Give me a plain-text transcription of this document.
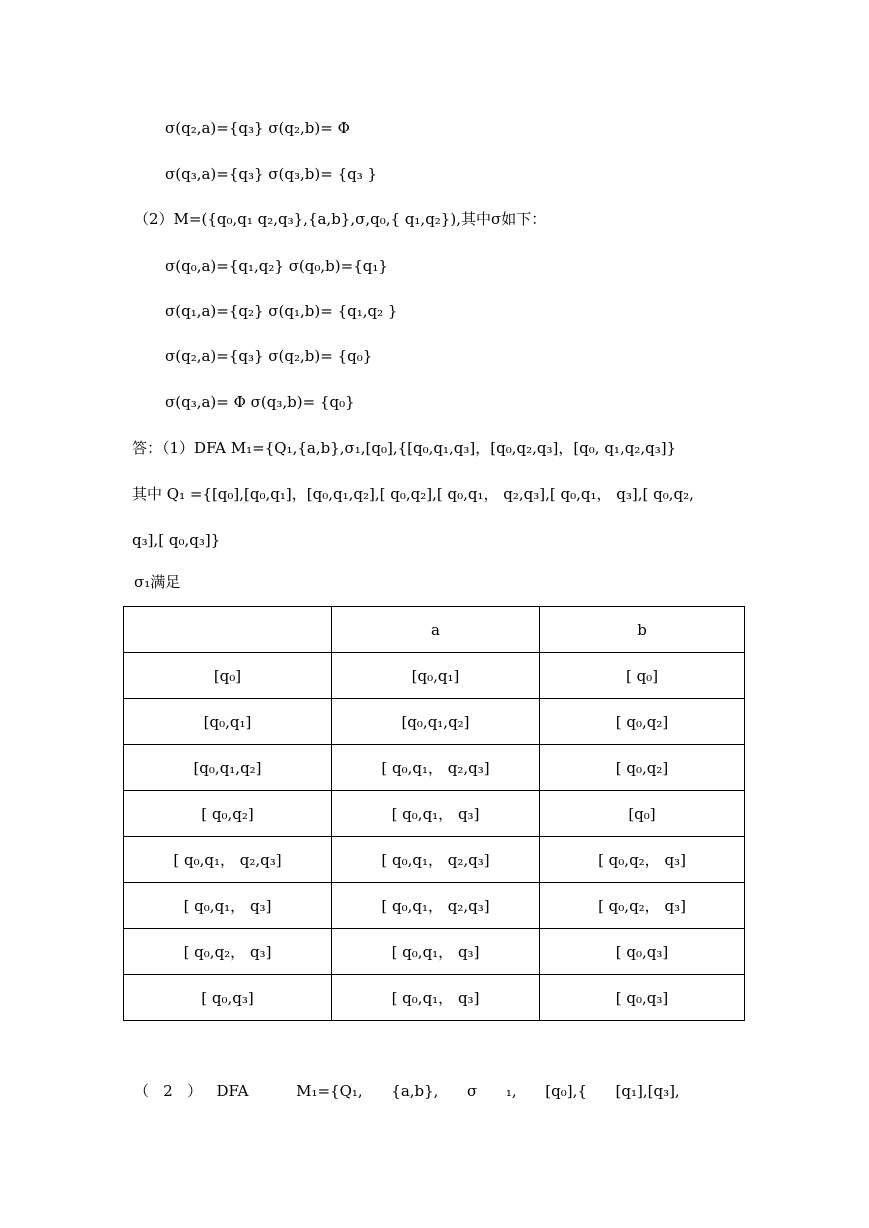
σ(q₂,a)={q₃} σ(q₂,b)= Φ
σ(q₃,a)={q₃} σ(q₃,b)= {q₃ }
（2）M=({q₀,q₁ q₂,q₃},{a,b},σ,q₀,{ q₁,q₂}),其中σ如下：
σ(q₀,a)={q₁,q₂} σ(q₀,b)={q₁}
σ(q₁,a)={q₂} σ(q₁,b)= {q₁,q₂ }
σ(q₂,a)={q₃} σ(q₂,b)= {q₀}
σ(q₃,a)= Φ σ(q₃,b)= {q₀}
答：（1）DFA M₁={Q₁,{a,b},σ₁,[q₀],{[q₀,q₁,q₃]，[q₀,q₂,q₃]，[q₀, q₁,q₂,q₃]}
其中 Q₁ ={[q₀],[q₀,q₁]，[q₀,q₁,q₂],[ q₀,q₂],[ q₀,q₁， q₂,q₃],[ q₀,q₁， q₃],[ q₀,q₂,
q₃],[ q₀,q₃]}
σ₁满足
	a	b
[q₀]	[q₀,q₁]	[ q₀]
[q₀,q₁]	[q₀,q₁,q₂]	[ q₀,q₂]
[q₀,q₁,q₂]	[ q₀,q₁， q₂,q₃]	[ q₀,q₂]
[ q₀,q₂]	[ q₀,q₁， q₃]	[q₀]
[ q₀,q₁， q₂,q₃]	[ q₀,q₁， q₂,q₃]	[ q₀,q₂， q₃]
[ q₀,q₁， q₃]	[ q₀,q₁， q₂,q₃]	[ q₀,q₂， q₃]
[ q₀,q₂， q₃]	[ q₀,q₁， q₃]	[ q₀,q₃]
[ q₀,q₃]	[ q₀,q₁， q₃]	[ q₀,q₃]
（   2   ）   DFA          M₁={Q₁,      {a,b},      σ      ₁,      [q₀],{      [q₁],[q₃],
